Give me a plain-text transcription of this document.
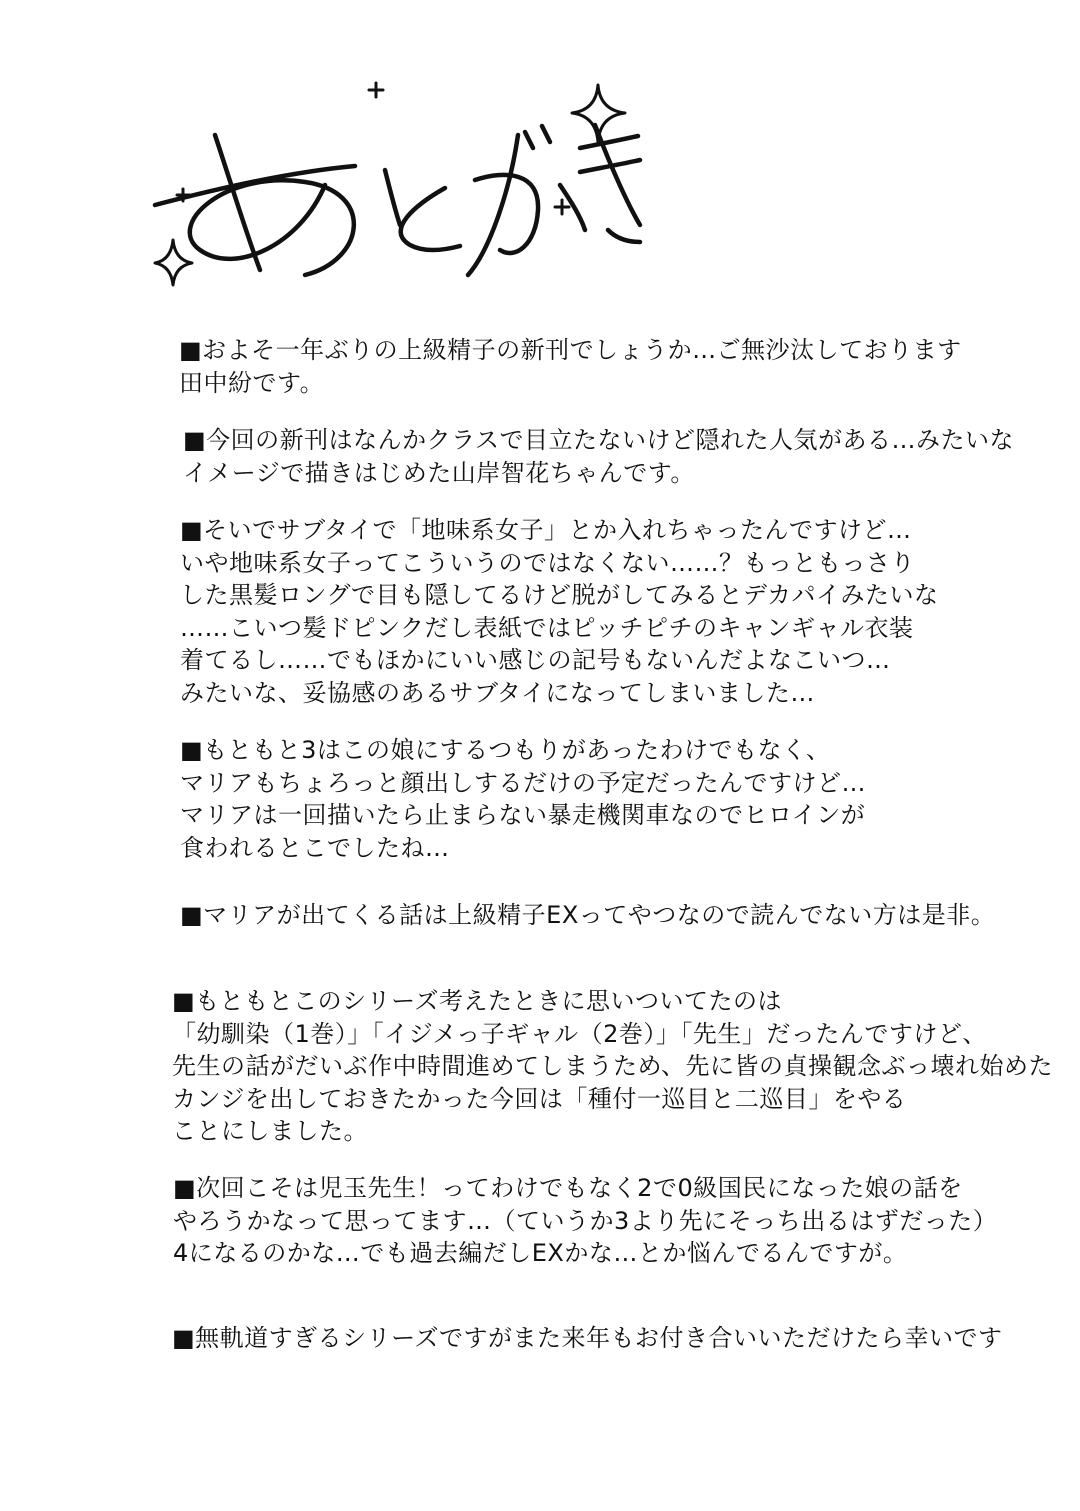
■およそ一年ぶりの上級精子の新刊でしょうか…ご無沙汰しております
田中紛です。

■今回の新刊はなんかクラスで目立たないけど隠れた人気がある…みたいな
イメージで描きはじめた山岸智花ちゃんです。

■そいでサブタイで「地味系女子」とか入れちゃったんですけど…
いや地味系女子ってこういうのではなくない……？もっともっさり
した黒髪ロングで目も隠してるけど脱がしてみるとデカパイみたいな
……こいつ髪ドピンクだし表紙ではピッチピチのキャンギャル衣装
着てるし……でもほかにいい感じの記号もないんだよなこいつ…
みたいな、妥協感のあるサブタイになってしまいました…

■もともと3はこの娘にするつもりがあったわけでもなく、
マリアもちょろっと顔出しするだけの予定だったんですけど…
マリアは一回描いたら止まらない暴走機関車なのでヒロインが
食われるとこでしたね…

■マリアが出てくる話は上級精子EXってやつなので読んでない方は是非。

■もともとこのシリーズ考えたときに思いついてたのは
「幼馴染（1巻）」「イジメっ子ギャル（2巻）」「先生」だったんですけど、
先生の話がだいぶ作中時間進めてしまうため、先に皆の貞操観念ぶっ壊れ始めた
カンジを出しておきたかった今回は「種付一巡目と二巡目」をやる
ことにしました。

■次回こそは児玉先生！ってわけでもなく2で0級国民になった娘の話を
やろうかなって思ってます…（ていうか3より先にそっち出るはずだった）
4になるのかな…でも過去編だしEXかな…とか悩んでるんですが。

■無軌道すぎるシリーズですがまた来年もお付き合いいただけたら幸いです
